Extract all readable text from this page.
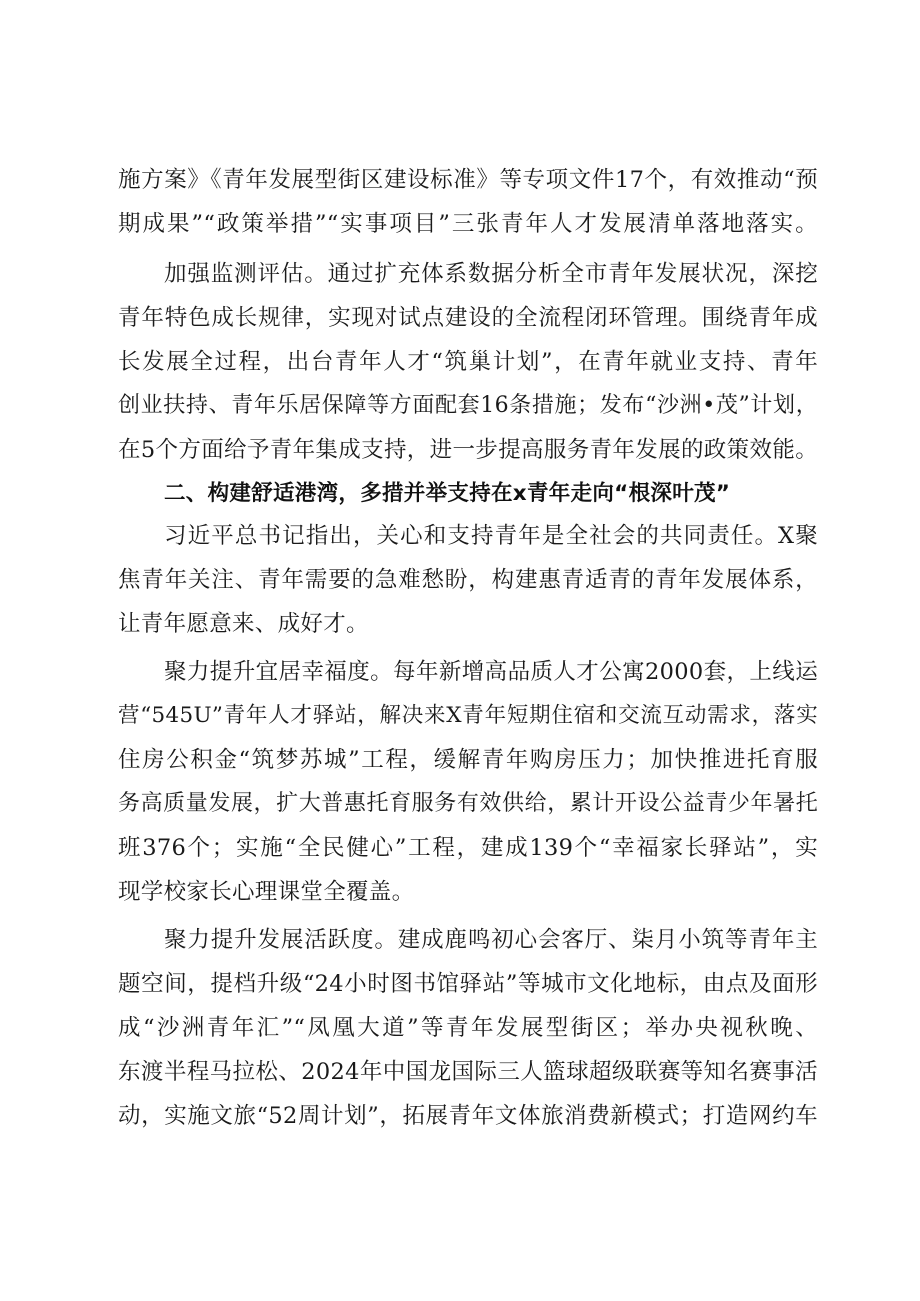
施方案》《青年发展型街区建设标准》等专项文件17个，有效推动“预
期成果”“政策举措”“实事项目”三张青年人才发展清单落地落实。
加强监测评估。通过扩充体系数据分析全市青年发展状况，深挖
青年特色成长规律，实现对试点建设的全流程闭环管理。围绕青年成
长发展全过程，出台青年人才“筑巢计划”，在青年就业支持、青年
创业扶持、青年乐居保障等方面配套16条措施；发布“沙洲•茂”计划，
在5个方面给予青年集成支持，进一步提高服务青年发展的政策效能。
二、构建舒适港湾，多措并举支持在x青年走向“根深叶茂”
习近平总书记指出，关心和支持青年是全社会的共同责任。X聚
焦青年关注、青年需要的急难愁盼，构建惠青适青的青年发展体系，
让青年愿意来、成好才。
聚力提升宜居幸福度。每年新增高品质人才公寓2000套，上线运
营“545U”青年人才驿站，解决来X青年短期住宿和交流互动需求，落实
住房公积金“筑梦苏城”工程，缓解青年购房压力；加快推进托育服
务高质量发展，扩大普惠托育服务有效供给，累计开设公益青少年暑托
班376个；实施“全民健心”工程，建成139个“幸福家长驿站”，实
现学校家长心理课堂全覆盖。
聚力提升发展活跃度。建成鹿鸣初心会客厅、柒月小筑等青年主
题空间，提档升级“24小时图书馆驿站”等城市文化地标，由点及面形
成“沙洲青年汇”“凤凰大道”等青年发展型街区；举办央视秋晚、
东渡半程马拉松、2024年中国龙国际三人篮球超级联赛等知名赛事活
动，实施文旅“52周计划”，拓展青年文体旅消费新模式；打造网约车
